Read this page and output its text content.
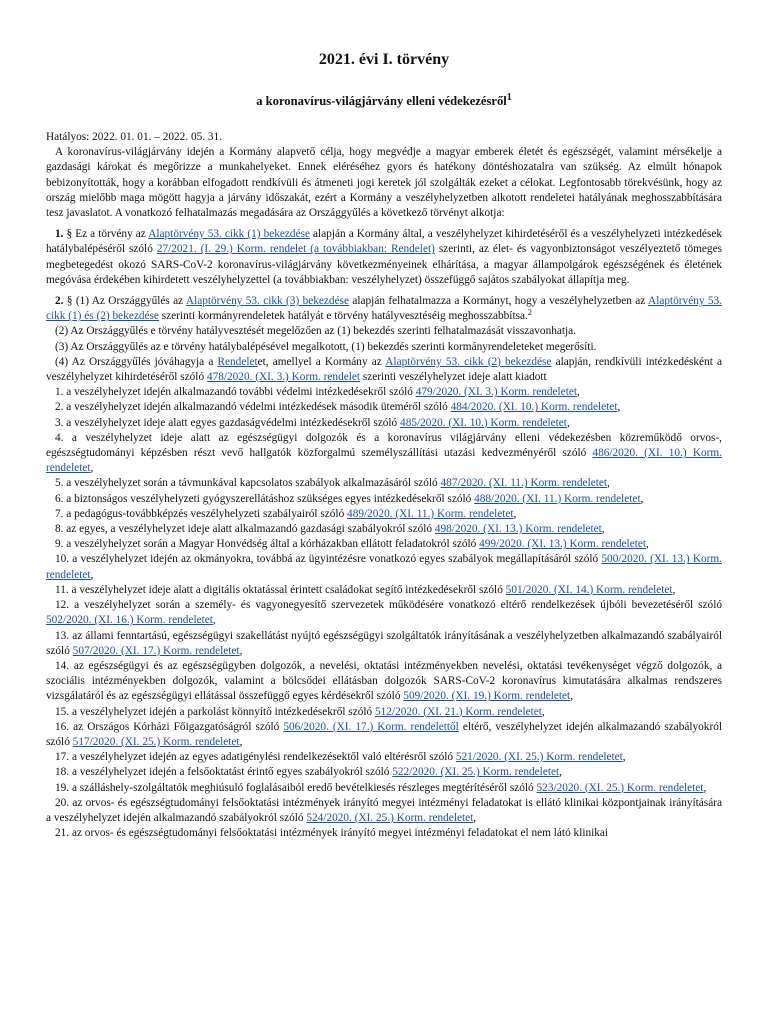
2021. évi I. törvény
a koronavírus-világjárvány elleni védekezésről$^1$

Hatályos: 2022. 01. 01. – 2022. 05. 31.

A koronavírus-világjárvány idején a Kormány alapvető célja, hogy megvédje a magyar emberek életét és egészségét, valamint mérsékelje a gazdasági károkat és megőrizze a munkahelyeket. Ennek eléréséhez gyors és hatékony döntéshozatalra van szükség. Az elmúlt hónapok bebizonyították, hogy a korábban elfogadott rendkívüli és átmeneti jogi keretek jól szolgálták ezeket a célokat. Legfontosabb törekvésünk, hogy az ország mielőbb maga mögött hagyja a járvány időszakát, ezért a Kormány a veszélyhelyzetben alkotott rendeletei hatályának meghosszabbítására tesz javaslatot. A vonatkozó felhatalmazás megadására az Országgyűlés a következő törvényt alkotja:

1. § Ez a törvény az Alaptörvény 53. cikk (1) bekezdése alapján a Kormány által, a veszélyhelyzet kihirdetéséről és a veszélyhelyzeti intézkedések hatálybalépéséről szóló 27/2021. (I. 29.) Korm. rendelet (a továbbiakban: Rendelet) szerinti, az élet- és vagyonbiztonságot veszélyeztető tömeges megbetegedést okozó SARS-CoV-2 koronavírus-világjárvány következményeinek elhárítása, a magyar állampolgárok egészségének és életének megóvása érdekében kihirdetett veszélyhelyzettel (a továbbiakban: veszélyhelyzet) összefüggő sajátos szabályokat állapítja meg.

2. § (1) Az Országgyűlés az Alaptörvény 53. cikk (3) bekezdése alapján felhatalmazza a Kormányt, hogy a veszélyhelyzetben az Alaptörvény 53. cikk (1) és (2) bekezdése szerinti kormányrendeletek hatályát e törvény hatályvesztéséig meghosszabbítsa.$^2$

(2) Az Országgyűlés e törvény hatályvesztését megelőzően az (1) bekezdés szerinti felhatalmazását visszavonhatja.

(3) Az Országgyűlés az e törvény hatálybalépésével megalkotott, (1) bekezdés szerinti kormányrendeleteket megerősíti.

(4) Az Országgyűlés jóváhagyja a Rendeletet, amellyel a Kormány az Alaptörvény 53. cikk (2) bekezdése alapján, rendkívüli intézkedésként a veszélyhelyzet kihirdetéséről szóló 478/2020. (XI. 3.) Korm. rendelet szerinti veszélyhelyzet ideje alatt kiadott

1. a veszélyhelyzet idején alkalmazandó további védelmi intézkedésekről szóló 479/2020. (XI. 3.) Korm. rendeletet,

2. a veszélyhelyzet idején alkalmazandó védelmi intézkedések második üteméről szóló 484/2020. (XI. 10.) Korm. rendeletet,

3. a veszélyhelyzet ideje alatt egyes gazdaságvédelmi intézkedésekről szóló 485/2020. (XI. 10.) Korm. rendeletet,

4. a veszélyhelyzet ideje alatt az egészségügyi dolgozók és a koronavírus világjárvány elleni védekezésben közreműködő orvos-, egészségtudományi képzésben részt vevő hallgatók közforgalmú személyszállítási utazási kedvezményéről szóló 486/2020. (XI. 10.) Korm. rendeletet,

5. a veszélyhelyzet során a távmunkával kapcsolatos szabályok alkalmazásáról szóló 487/2020. (XI. 11.) Korm. rendeletet,

6. a biztonságos veszélyhelyzeti gyógyszerellátáshoz szükséges egyes intézkedésekről szóló 488/2020. (XI. 11.) Korm. rendeletet,

7. a pedagógus-továbbképzés veszélyhelyzeti szabályairól szóló 489/2020. (XI. 11.) Korm. rendeletet,

8. az egyes, a veszélyhelyzet ideje alatt alkalmazandó gazdasági szabályokról szóló 498/2020. (XI. 13.) Korm. rendeletet,

9. a veszélyhelyzet során a Magyar Honvédség által a kórházakban ellátott feladatokról szóló 499/2020. (XI. 13.) Korm. rendeletet,

10. a veszélyhelyzet idején az okmányokra, továbbá az ügyintézésre vonatkozó egyes szabályok megállapításáról szóló 500/2020. (XI. 13.) Korm. rendeletet,

11. a veszélyhelyzet ideje alatt a digitális oktatással érintett családokat segítő intézkedésekről szóló 501/2020. (XI. 14.) Korm. rendeletet,

12. a veszélyhelyzet során a személy- és vagyonegyesítő szervezetek működésére vonatkozó eltérő rendelkezések újbóli bevezetéséről szóló 502/2020. (XI. 16.) Korm. rendeletet,

13. az állami fenntartású, egészségügyi szakellátást nyújtó egészségügyi szolgáltatók irányításának a veszélyhelyzetben alkalmazandó szabályairól szóló 507/2020. (XI. 17.) Korm. rendeletet,

14. az egészségügyi és az egészségügyben dolgozók, a nevelési, oktatási intézményekben nevelési, oktatási tevékenységet végző dolgozók, a szociális intézményekben dolgozók, valamint a bölcsődei ellátásban dolgozók SARS-CoV-2 koronavírus kimutatására alkalmas rendszeres vizsgálatáról és az egészségügyi ellátással összefüggő egyes kérdésekről szóló 509/2020. (XI. 19.) Korm. rendeletet,

15. a veszélyhelyzet idején a parkolást könnyítő intézkedésekről szóló 512/2020. (XI. 21.) Korm. rendeletet,

16. az Országos Kórházi Főigazgatóságról szóló 506/2020. (XI. 17.) Korm. rendelettől eltérő, veszélyhelyzet idején alkalmazandó szabályokról szóló 517/2020. (XI. 25.) Korm. rendeletet,

17. a veszélyhelyzet idején az egyes adatigénylési rendelkezésektől való eltérésről szóló 521/2020. (XI. 25.) Korm. rendeletet,

18. a veszélyhelyzet idején a felsőoktatást érintő egyes szabályokról szóló 522/2020. (XI. 25.) Korm. rendeletet,

19. a szálláshely-szolgáltatók meghiúsuló foglalásaiból eredő bevételkiesés részleges megtérítéséről szóló 523/2020. (XI. 25.) Korm. rendeletet,

20. az orvos- és egészségtudományi felsőoktatási intézmények irányító megyei intézményi feladatokat is ellátó klinikai központjainak irányítására a veszélyhelyzet idején alkalmazandó szabályokról szóló 524/2020. (XI. 25.) Korm. rendeletet,

21. az orvos- és egészségtudományi felsőoktatási intézmények irányító megyei intézményi feladatokat el nem látó klinikai
